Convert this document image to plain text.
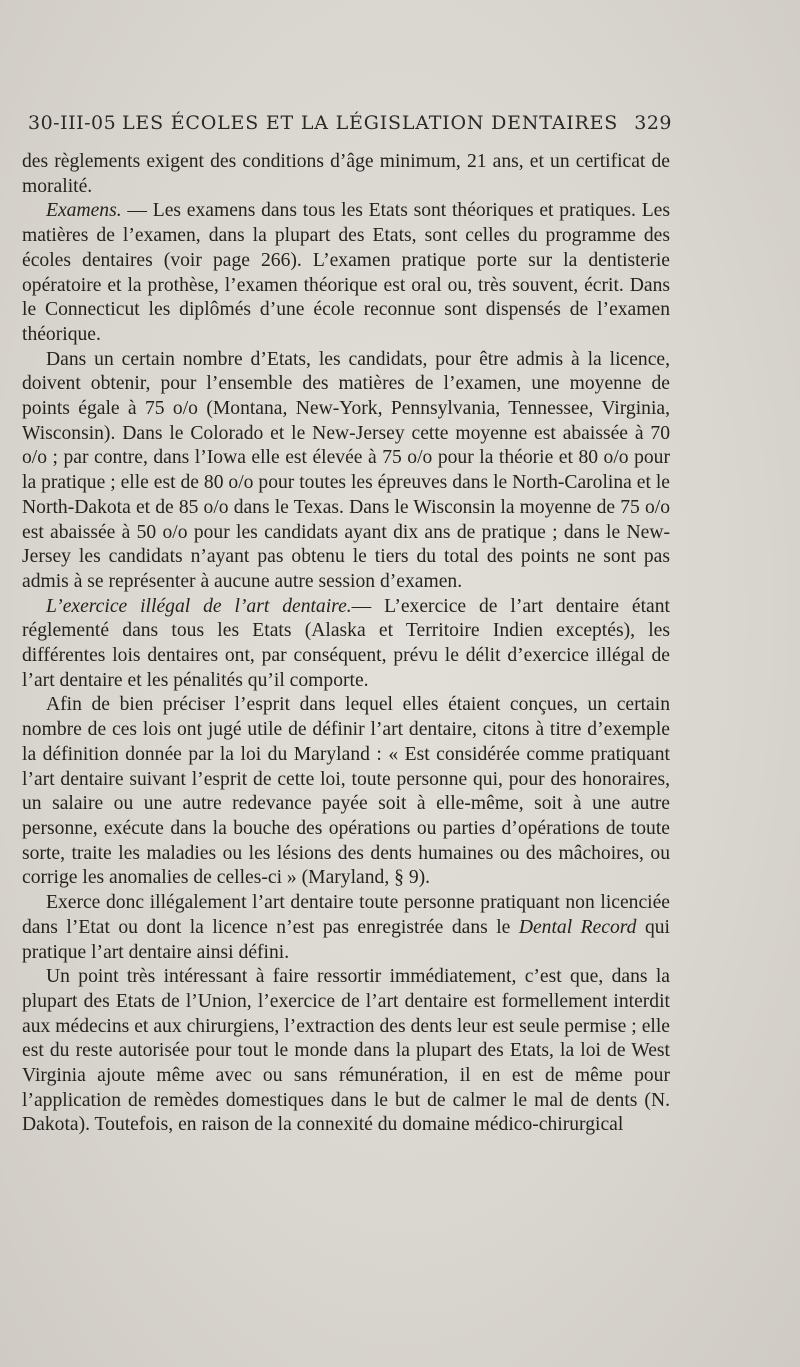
30-III-05 LES ÉCOLES ET LA LÉGISLATION DENTAIRES 329

des règlements exigent des conditions d’âge minimum, 21 ans, et un certificat de moralité.

Examens. — Les examens dans tous les Etats sont théoriques et pratiques. Les matières de l’examen, dans la plupart des Etats, sont celles du programme des écoles dentaires (voir page 266). L’examen pratique porte sur la dentisterie opératoire et la prothèse, l’examen théorique est oral ou, très souvent, écrit. Dans le Connecticut les diplômés d’une école reconnue sont dispensés de l’examen théorique.

Dans un certain nombre d’Etats, les candidats, pour être admis à la licence, doivent obtenir, pour l’ensemble des matières de l’examen, une moyenne de points égale à 75 o/o (Montana, New-York, Pennsylvania, Tennessee, Virginia, Wisconsin). Dans le Colorado et le New-Jersey cette moyenne est abaissée à 70 o/o ; par contre, dans l’Iowa elle est élevée à 75 o/o pour la théorie et 80 o/o pour la pratique ; elle est de 80 o/o pour toutes les épreuves dans le North-Carolina et le North-Dakota et de 85 o/o dans le Texas. Dans le Wisconsin la moyenne de 75 o/o est abaissée à 50 o/o pour les candidats ayant dix ans de pratique ; dans le New-Jersey les candidats n’ayant pas obtenu le tiers du total des points ne sont pas admis à se représenter à aucune autre session d’examen.

L’exercice illégal de l’art dentaire.— L’exercice de l’art dentaire étant réglementé dans tous les Etats (Alaska et Territoire Indien exceptés), les différentes lois dentaires ont, par conséquent, prévu le délit d’exercice illégal de l’art dentaire et les pénalités qu’il comporte.

Afin de bien préciser l’esprit dans lequel elles étaient conçues, un certain nombre de ces lois ont jugé utile de définir l’art dentaire, citons à titre d’exemple la définition donnée par la loi du Maryland : « Est considérée comme pratiquant l’art dentaire suivant l’esprit de cette loi, toute personne qui, pour des honoraires, un salaire ou une autre redevance payée soit à elle-même, soit à une autre personne, exécute dans la bouche des opérations ou parties d’opérations de toute sorte, traite les maladies ou les lésions des dents humaines ou des mâchoires, ou corrige les anomalies de celles-ci » (Maryland, § 9).

Exerce donc illégalement l’art dentaire toute personne pratiquant non licenciée dans l’Etat ou dont la licence n’est pas enregistrée dans le Dental Record qui pratique l’art dentaire ainsi défini.

Un point très intéressant à faire ressortir immédiatement, c’est que, dans la plupart des Etats de l’Union, l’exercice de l’art dentaire est formellement interdit aux médecins et aux chirurgiens, l’extraction des dents leur est seule permise ; elle est du reste autorisée pour tout le monde dans la plupart des Etats, la loi de West Virginia ajoute même avec ou sans rémunération, il en est de même pour l’application de remèdes domestiques dans le but de calmer le mal de dents (N. Dakota). Toutefois, en raison de la connexité du domaine médico-chirurgical
